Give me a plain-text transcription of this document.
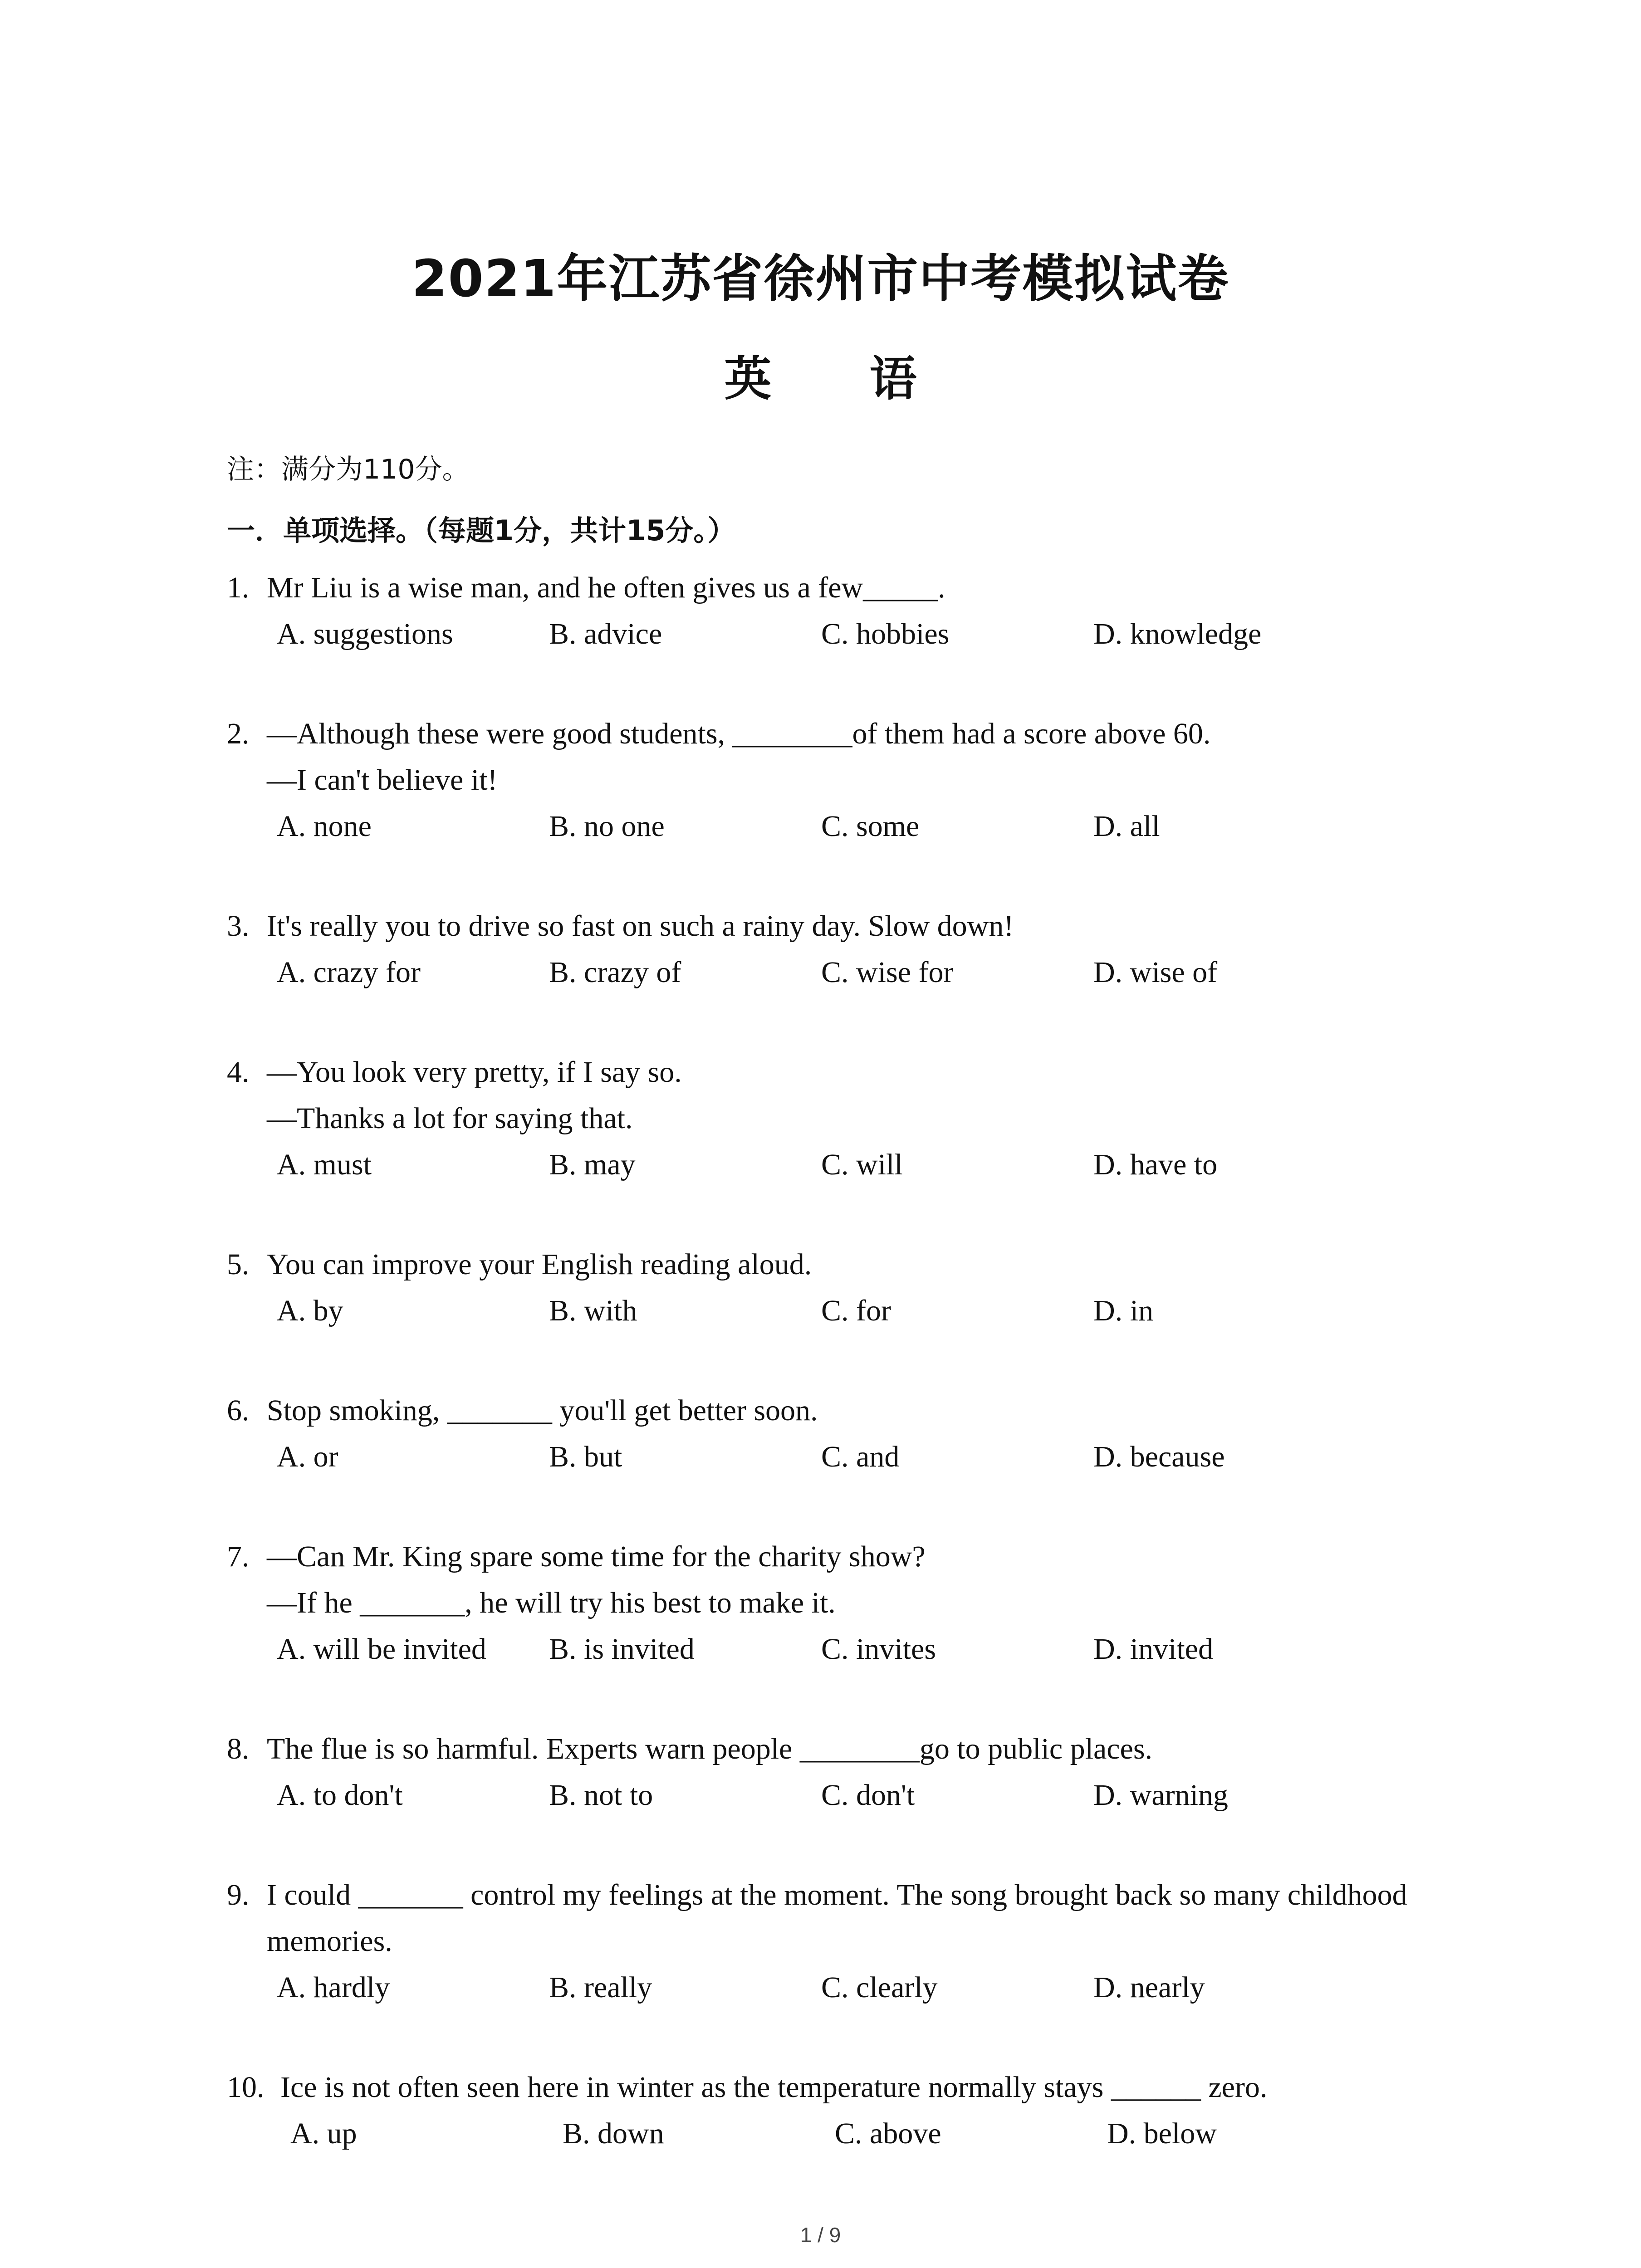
2021年江苏省徐州市中考模拟试卷
英 语
注：满分为110分。
一．单项选择。（每题1分，共计15分。）
1. Mr Liu is a wise man, and he often gives us a few_____.
A. suggestions	B. advice	C. hobbies	D. knowledge
2. —Although these were good students, ________of them had a score above 60.
—I can't believe it!
A. none	B. no one	C. some	D. all
3. It's really you to drive so fast on such a rainy day. Slow down!
A. crazy for	B. crazy of	C. wise for	D. wise of
4. —You look very pretty, if I say so.
—Thanks a lot for saying that.
A. must	B. may	C. will	D. have to
5. You can improve your English reading aloud.
A. by	B. with	C. for	D. in
6. Stop smoking, _______ you'll get better soon.
A. or	B. but	C. and	D. because
7. —Can Mr. King spare some time for the charity show?
—If he _______, he will try his best to make it.
A. will be invited	B. is invited	C. invites	D. invited
8. The flue is so harmful. Experts warn people ________go to public places.
A. to don't	B. not to	C. don't	D. warning
9. I could _______ control my feelings at the moment. The song brought back so many childhood
memories.
A. hardly	B. really	C. clearly	D. nearly
10. Ice is not often seen here in winter as the temperature normally stays ______ zero.
A. up	B. down	C. above	D. below
1 / 9
